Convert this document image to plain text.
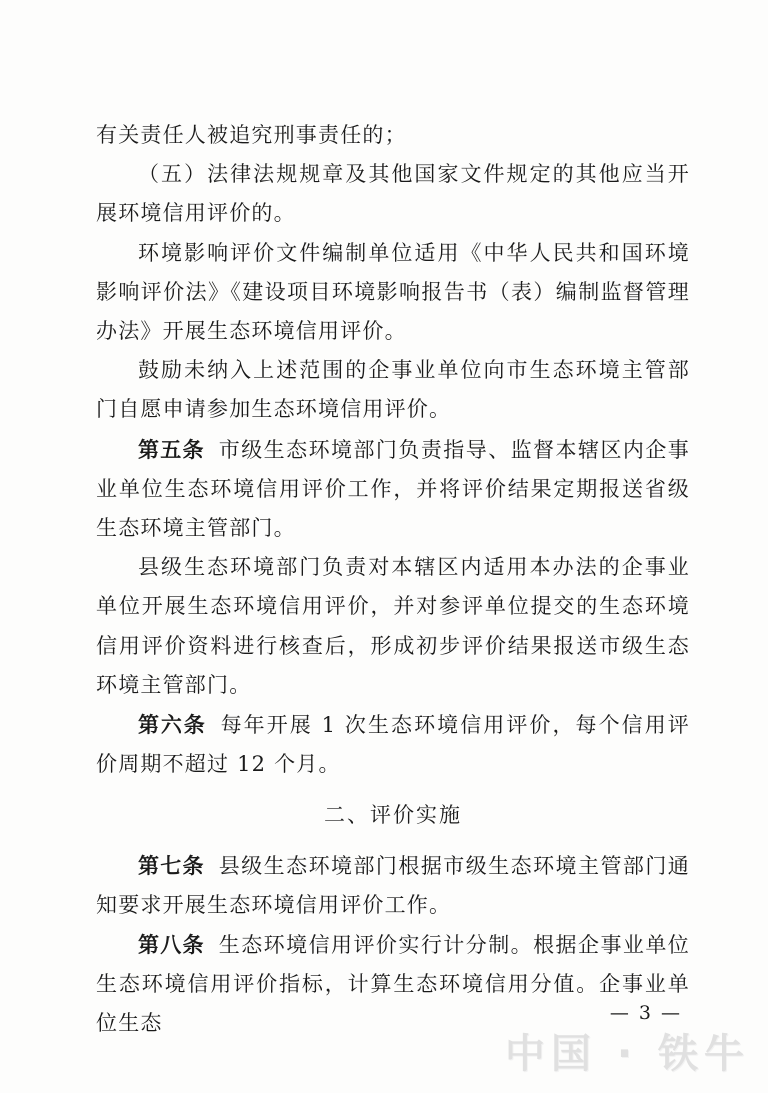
有关责任人被追究刑事责任的；

（五）法律法规规章及其他国家文件规定的其他应当开展环境信用评价的。

环境影响评价文件编制单位适用《中华人民共和国环境影响评价法》《建设项目环境影响报告书（表）编制监督管理办法》开展生态环境信用评价。

鼓励未纳入上述范围的企事业单位向市生态环境主管部门自愿申请参加生态环境信用评价。

第五条 市级生态环境部门负责指导、监督本辖区内企事业单位生态环境信用评价工作，并将评价结果定期报送省级生态环境主管部门。

县级生态环境部门负责对本辖区内适用本办法的企事业单位开展生态环境信用评价，并对参评单位提交的生态环境信用评价资料进行核查后，形成初步评价结果报送市级生态环境主管部门。

第六条 每年开展 1 次生态环境信用评价，每个信用评价周期不超过 12 个月。

二、评价实施

第七条 县级生态环境部门根据市级生态环境主管部门通知要求开展生态环境信用评价工作。

第八条 生态环境信用评价实行计分制。根据企事业单位生态环境信用评价指标，计算生态环境信用分值。企事业单位生态	— 3 —
中国 · 铁牛
